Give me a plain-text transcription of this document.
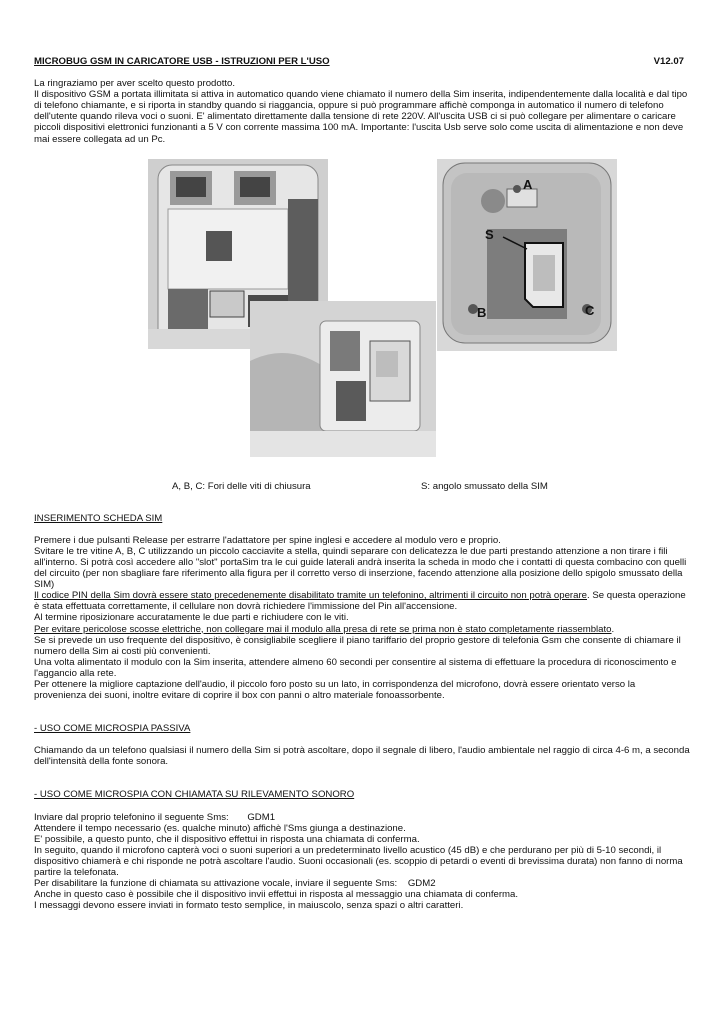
MICROBUG GSM IN CARICATORE USB - ISTRUZIONI PER L'USO	V12.07

La ringraziamo per aver scelto questo prodotto.

Il dispositivo GSM a portata illimitata si attiva in automatico quando viene chiamato il numero della Sim inserita, indipendentemente dalla località e dal tipo di telefono chiamante, e si riporta in standby quando si riaggancia, oppure si può programmare affichè componga in automatico il numero di telefono dell'utente quando rileva voci o suoni. E' alimentato direttamente dalla tensione di rete 220V. All'uscita USB ci si può collegare per alimentare o caricare piccoli dispositivi elettronici funzionanti a 5 V con corrente massima 100 mA. Importante: l'uscita Usb serve solo come uscita di alimentazione e non deve mai essere collegata ad un Pc.

A
S
B	C
A, B, C: Fori delle viti di chiusura	S: angolo smussato della SIM

INSERIMENTO SCHEDA SIM

Premere i due pulsanti Release per estrarre l'adattatore per spine inglesi e accedere al modulo vero e proprio.

Svitare le tre vitine A, B, C utilizzando un piccolo cacciavite a stella, quindi separare con delicatezza le due parti prestando attenzione a non tirare i fili all'interno. Si potrà così accedere allo "slot" portaSim tra le cui guide laterali andrà inserita la scheda in modo che i contatti di questa combacino con quelli del circuito (per non sbagliare fare riferimento alla figura per il corretto verso di inserzione, facendo attenzione alla posizione dello spigolo smussato della SIM)

Il codice PIN della Sim dovrà essere stato precedenemente disabilitato tramite un telefonino, altrimenti il circuito non potrà operare. Se questa operazione è stata effettuata correttamente, il cellulare non dovrà richiedere l'immissione del Pin all'accensione.

Al termine riposizionare accuratamente le due parti e richiudere con le viti.

Per evitare pericolose scosse elettriche, non collegare mai il modulo alla presa di rete se prima non è stato completamente riassemblato.

Se si prevede un uso frequente del dispositivo, è consigliabile scegliere il piano tariffario del proprio gestore di telefonia Gsm che consente di chiamare il numero della Sim ai costi più convenienti.

Una volta alimentato il modulo con la Sim inserita, attendere almeno 60 secondi per consentire al sistema di effettuare la procedura di riconoscimento e l'aggancio alla rete.

Per ottenere la migliore captazione dell'audio, il piccolo foro posto su un lato, in corrispondenza del microfono, dovrà essere orientato verso la provenienza dei suoni, inoltre evitare di coprire il box con panni o altro materiale fonoassorbente.

- USO COME MICROSPIA PASSIVA

Chiamando da un telefono qualsiasi il numero della Sim si potrà ascoltare, dopo il segnale di libero, l'audio ambientale nel raggio di circa 4-6 m, a seconda dell'intensità della fonte sonora.

- USO COME MICROSPIA CON CHIAMATA SU RILEVAMENTO SONORO

Inviare dal proprio telefonino il seguente Sms: GDM1

Attendere il tempo necessario (es. qualche minuto) affichè l'Sms giunga a destinazione.

E' possibile, a questo punto, che il dispositivo effettui in risposta una chiamata di conferma.

In seguito, quando il microfono capterà voci o suoni superiori a un predeterminato livello acustico (45 dB) e che perdurano per più di 5-10 secondi, il dispositivo chiamerà e chi risponde ne potrà ascoltare l'audio. Suoni occasionali (es. scoppio di petardi o eventi di brevissima durata) non fanno di norma partire la telefonata.

Per disabilitare la funzione di chiamata su attivazione vocale, inviare il seguente Sms: GDM2

Anche in questo caso è possibile che il dispositivo invii effettui in risposta al messaggio una chiamata di conferma.

I messaggi devono essere inviati in formato testo semplice, in maiuscolo, senza spazi o altri caratteri.
